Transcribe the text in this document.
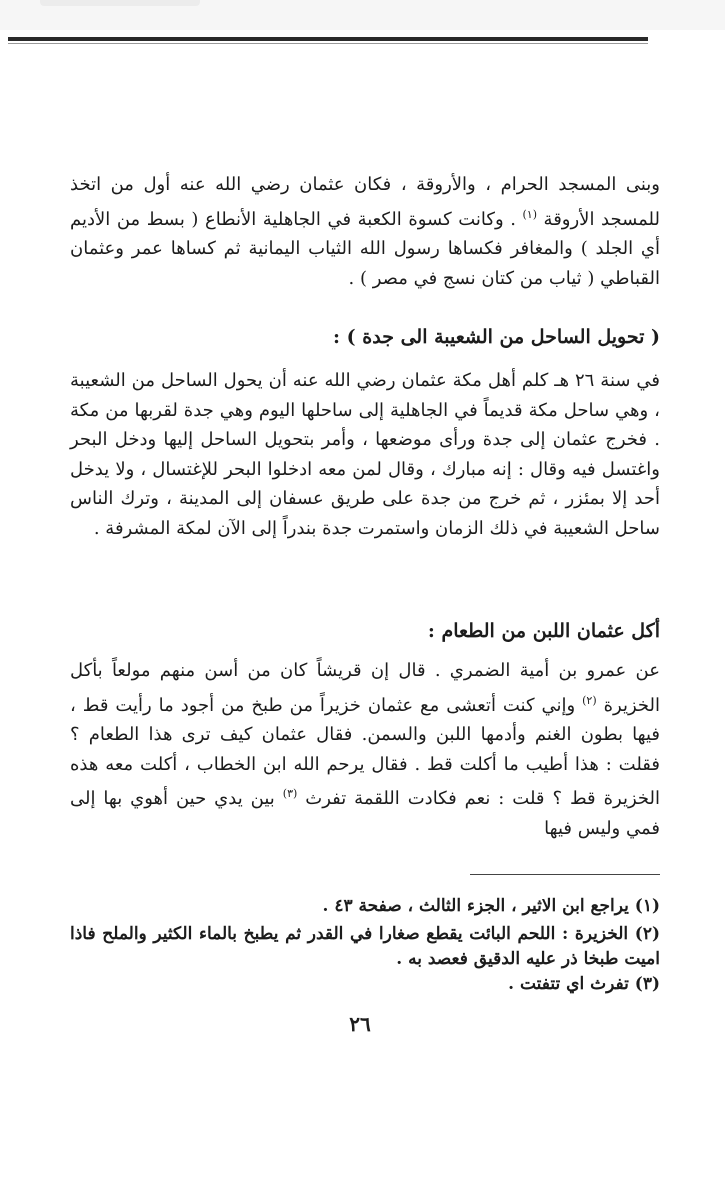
وبنى المسجد الحرام ، والأروقة ، فكان عثمان رضي الله عنه أول من اتخذ للمسجد الأروقة $^{(١)}$ . وكانت كسوة الكعبة في الجاهلية الأنطاع ( بسط من الأديم أي الجلد ) والمغافر فكساها رسول الله الثياب اليمانية ثم كساها عمر وعثمان القباطي ( ثياب من كتان نسج في مصر ) .

( تحويل الساحل من الشعيبة الى جدة ) :

في سنة ٢٦ هـ كلم أهل مكة عثمان رضي الله عنه أن يحول الساحل من الشعيبة ، وهي ساحل مكة قديماً في الجاهلية إلى ساحلها اليوم وهي جدة لقربها من مكة . فخرج عثمان إلى جدة ورأى موضعها ، وأمر بتحويل الساحل إليها ودخل البحر واغتسل فيه وقال : إنه مبارك ، وقال لمن معه ادخلوا البحر للإغتسال ، ولا يدخل أحد إلا بمئزر ، ثم خرج من جدة على طريق عسفان إلى المدينة ، وترك الناس ساحل الشعيبة في ذلك الزمان واستمرت جدة بندراً إلى الآن لمكة المشرفة .

أكل عثمان اللبن من الطعام :

عن عمرو بن أمية الضمري . قال إن قريشاً كان من أسن منهم مولعاً بأكل الخزيرة $^{(٢)}$ وإني كنت أتعشى مع عثمان خزيراً من طبخ من أجود ما رأيت قط ، فيها بطون الغنم وأدمها اللبن والسمن. فقال عثمان كيف ترى هذا الطعام ؟ فقلت : هذا أطيب ما أكلت قط . فقال يرحم الله ابن الخطاب ، أكلت معه هذه الخزيرة قط ؟ قلت : نعم فكادت اللقمة تفرث $^{(٣)}$ بين يدي حين أهوي بها إلى فمي وليس فيها

(١) يراجع ابن الاثير ، الجزء الثالث ، صفحة ٤٣ .

(٢) الخزيرة : اللحم البائت يقطع صغارا في القدر ثم يطبخ بالماء الكثير والملح فاذا اميت طبخا ذر عليه الدقيق فعصد به .

(٣) تفرث اي تتفتت .

٢٦
